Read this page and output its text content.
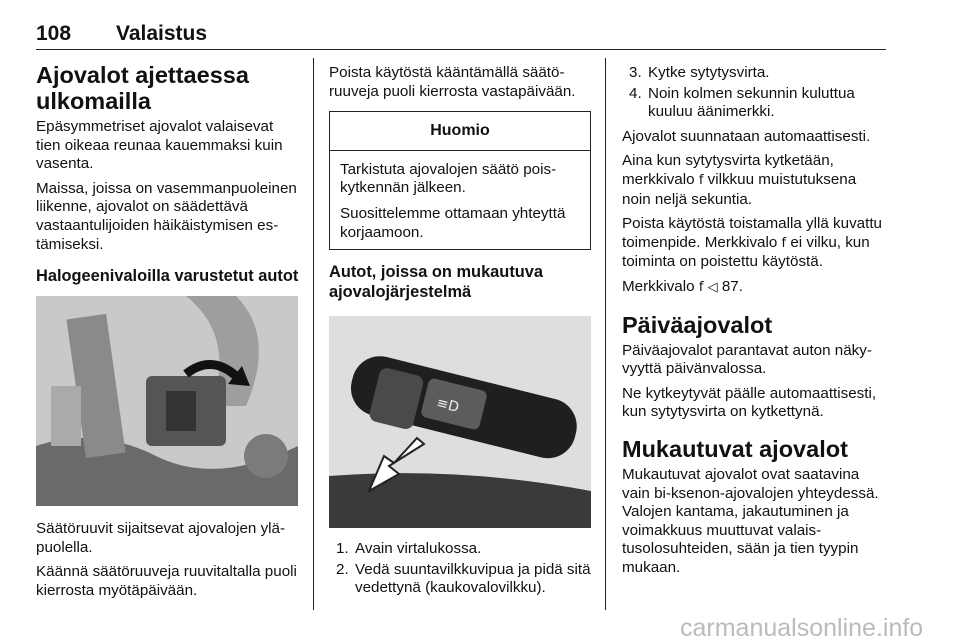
108 Valaistus
Ajovalot ajettaessa ulkomailla

Epäsymmetriset ajovalot valaisevat tien oikeaa reunaa kauemmaksi kuin vasenta.

Maissa, joissa on vasemmanpuoleinen liikenne, ajovalot on säädettävä vastaantulijoiden häikäistymisen estämiseksi.

Halogeenivaloilla varustetut autot

Säätöruuvit sijaitsevat ajovalojen yläpuolella.

Käännä säätöruuveja ruuvitaltalla puoli kierrosta myötäpäivään.

Poista käytöstä kääntämällä säätöruuveja puoli kierrosta vastapäivään.

Huomio

Tarkistuta ajovalojen säätö poiskytkennän jälkeen.

Suosittelemme ottamaan yhteyttä korjaamoon.

Autot, joissa on mukautuva ajovalojärjestelmä
≡D
1. Avain virtalukossa.
2. Vedä suuntavilkkuvipua ja pidä sitä vedettynä (kaukovalovilkku).
3. Kytke sytytysvirta.
4. Noin kolmen sekunnin kuluttua kuuluu äänimerkki.

Ajovalot suunnataan automaattisesti.

Aina kun sytytysvirta kytketään, merkkivalo f vilkkuu muistutuksena noin neljä sekuntia.

Poista käytöstä toistamalla yllä kuvattu toimenpide. Merkkivalo f ei vilku, kun toiminta on poistettu käytöstä.

Merkkivalo f ◁ 87.

Päiväajovalot

Päiväajovalot parantavat auton näkyvyyttä päivänvalossa.

Ne kytkeytyvät päälle automaattisesti, kun sytytysvirta on kytkettynä.

Mukautuvat ajovalot

Mukautuvat ajovalot ovat saatavina vain bi-ksenon-ajovalojen yhteydessä. Valojen kantama, jakautuminen ja voimakkuus muuttuvat valaistusolosuhteiden, sään ja tien tyypin mukaan.

carmanualsonline.info
